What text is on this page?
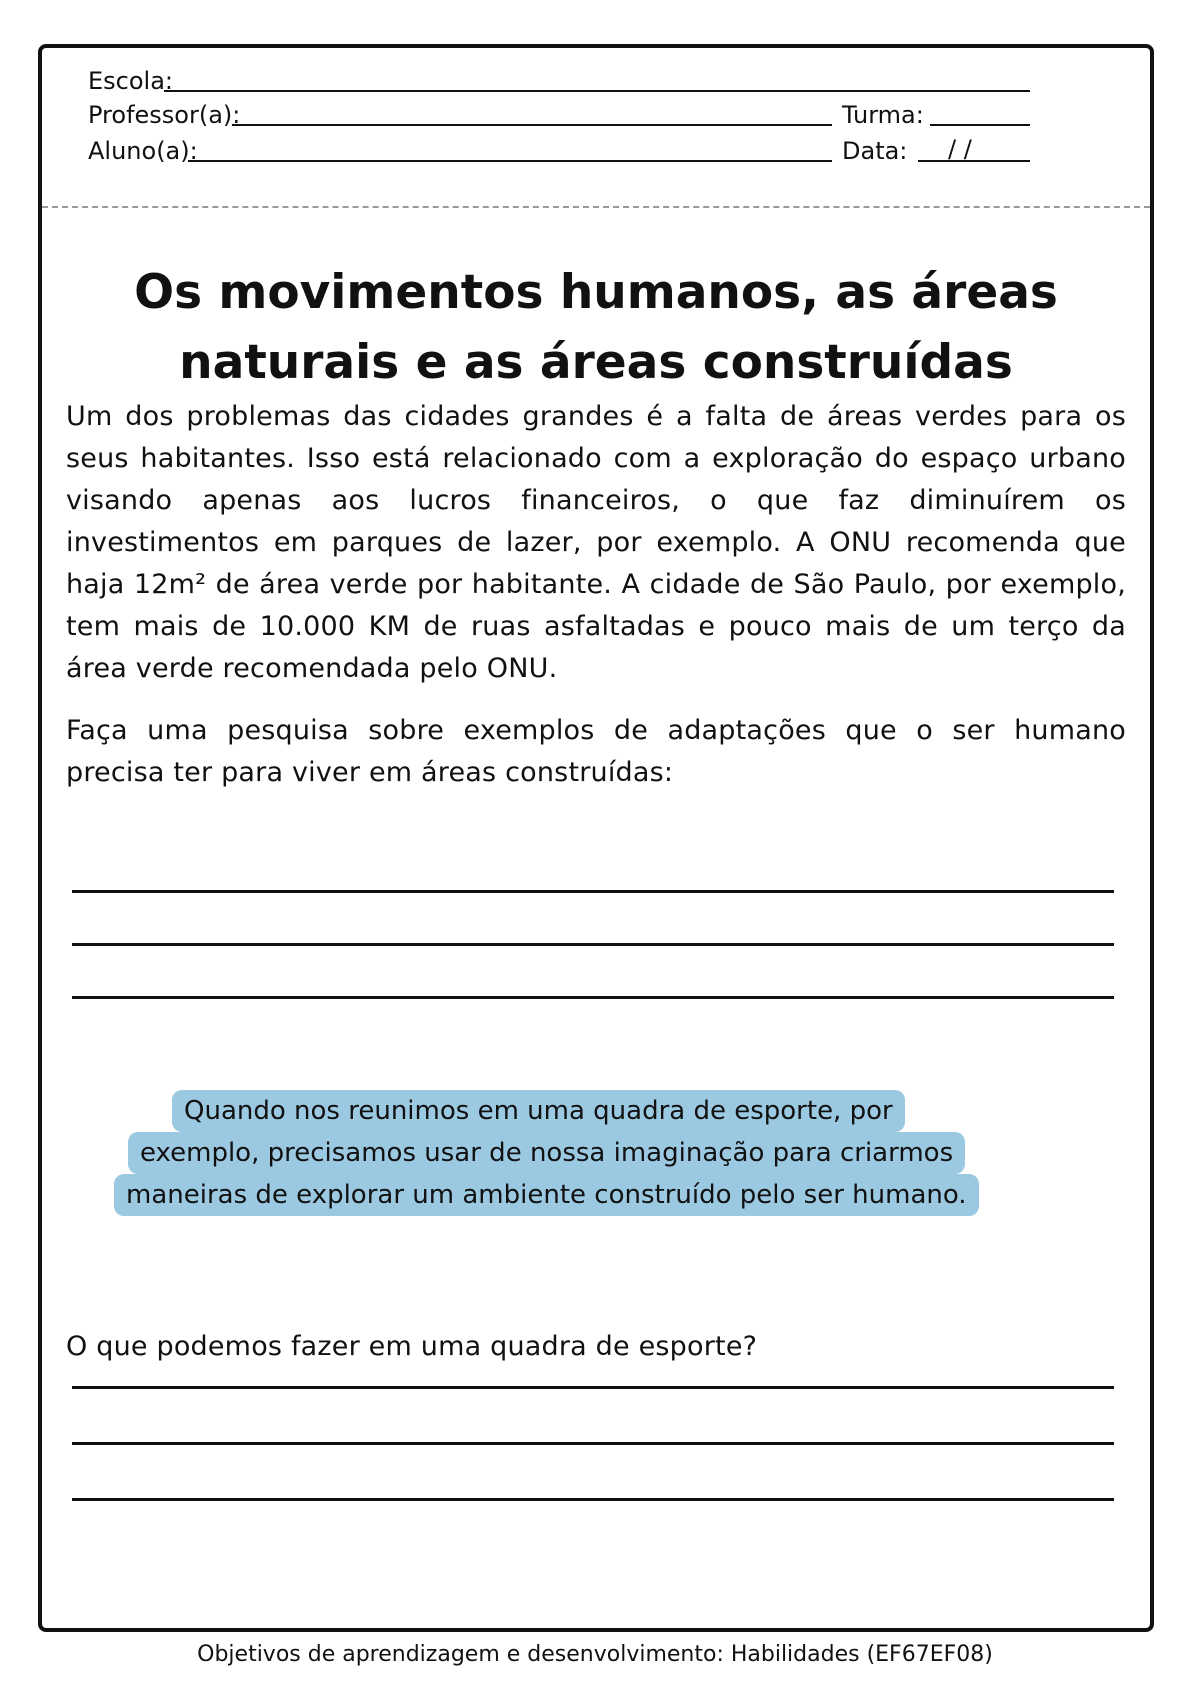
Escola:
Professor(a):	Turma:
Aluno(a):	Data: / /
Os movimentos humanos, as áreas naturais e as áreas construídas
Um dos problemas das cidades grandes é a falta de áreas verdes para os seus habitantes. Isso está relacionado com a exploração do espaço urbano visando apenas aos lucros financeiros, o que faz diminuírem os investimentos em parques de lazer, por exemplo. A ONU recomenda que haja 12m² de área verde por habitante. A cidade de São Paulo, por exemplo, tem mais de 10.000 KM de ruas asfaltadas e pouco mais de um terço da área verde recomendada pelo ONU.
Faça uma pesquisa sobre exemplos de adaptações que o ser humano precisa ter para viver em áreas construídas:
Quando nos reunimos em uma quadra de esporte, por
exemplo, precisamos usar de nossa imaginação para criarmos
maneiras de explorar um ambiente construído pelo ser humano.
O que podemos fazer em uma quadra de esporte?
Objetivos de aprendizagem e desenvolvimento: Habilidades (EF67EF08)
